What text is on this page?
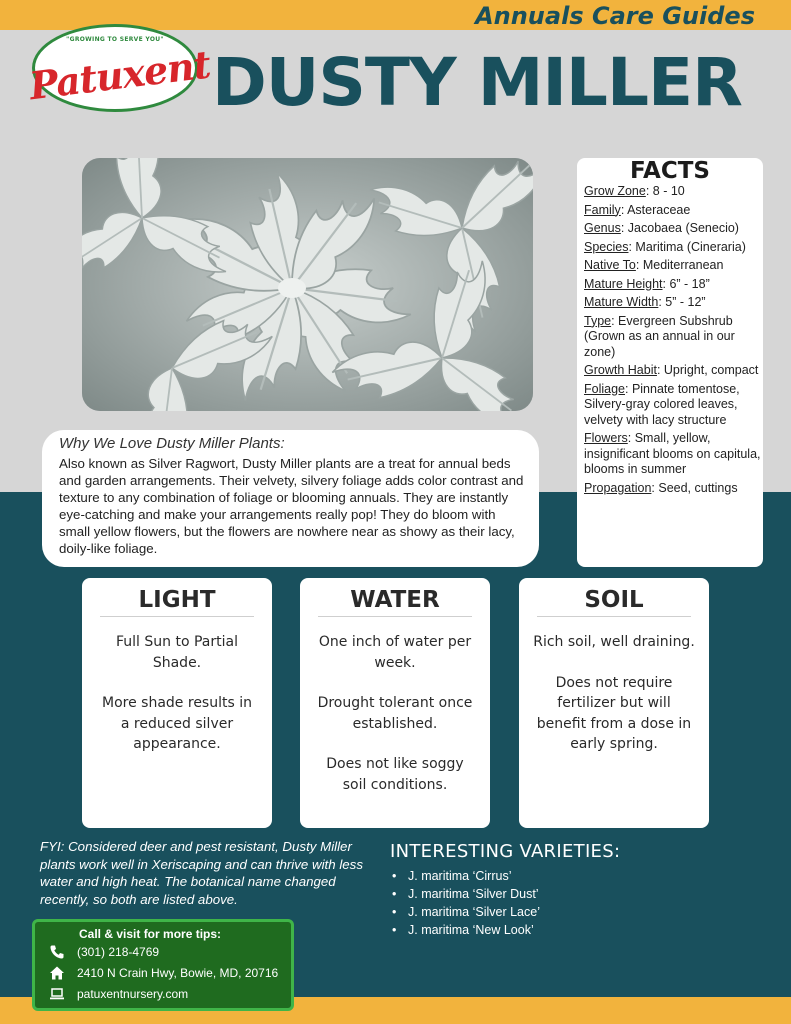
Annuals Care Guides
"GROWING TO SERVE YOU"
Patuxent DUSTY MILLER
FACTS
Grow Zone: 8 - 10
Family: Asteraceae
Genus: Jacobaea (Senecio)
Species: Maritima (Cineraria)
Native To: Mediterranean
Mature Height: 6” - 18”
Mature Width: 5” - 12”
Type: Evergreen Subshrub (Grown as an annual in our zone)
Growth Habit: Upright, compact
Foliage: Pinnate tomentose, Silvery-gray colored leaves, velvety with lacy structure
Flowers: Small, yellow, insignificant blooms on capitula, blooms in summer
Propagation: Seed, cuttings
Why We Love Dusty Miller Plants:
Also known as Silver Ragwort, Dusty Miller plants are a treat for annual beds and garden arrangements. Their velvety, silvery foliage adds color contrast and texture to any combination of foliage or blooming annuals. They are instantly eye-catching and make your arrangements really pop! They do bloom with small yellow flowers, but the flowers are nowhere near as showy as their lacy, doily-like foliage.
LIGHT

Full Sun to Partial Shade.

More shade results in a reduced silver appearance.

WATER

One inch of water per week.

Drought tolerant once established.

Does not like soggy soil conditions.

SOIL

Rich soil, well draining.

Does not require fertilizer but will benefit from a dose in early spring.

FYI: Considered deer and pest resistant, Dusty Miller plants work well in Xeriscaping and can thrive with less water and high heat. The botanical name changed recently, so both are listed above.
INTERESTING VARIETIES:
• J. maritima ‘Cirrus’
• J. maritima ‘Silver Dust’
• J. maritima ‘Silver Lace’
• J. maritima ‘New Look’
Call & visit for more tips:
(301) 218-4769
2410 N Crain Hwy, Bowie, MD, 20716
patuxentnursery.com
